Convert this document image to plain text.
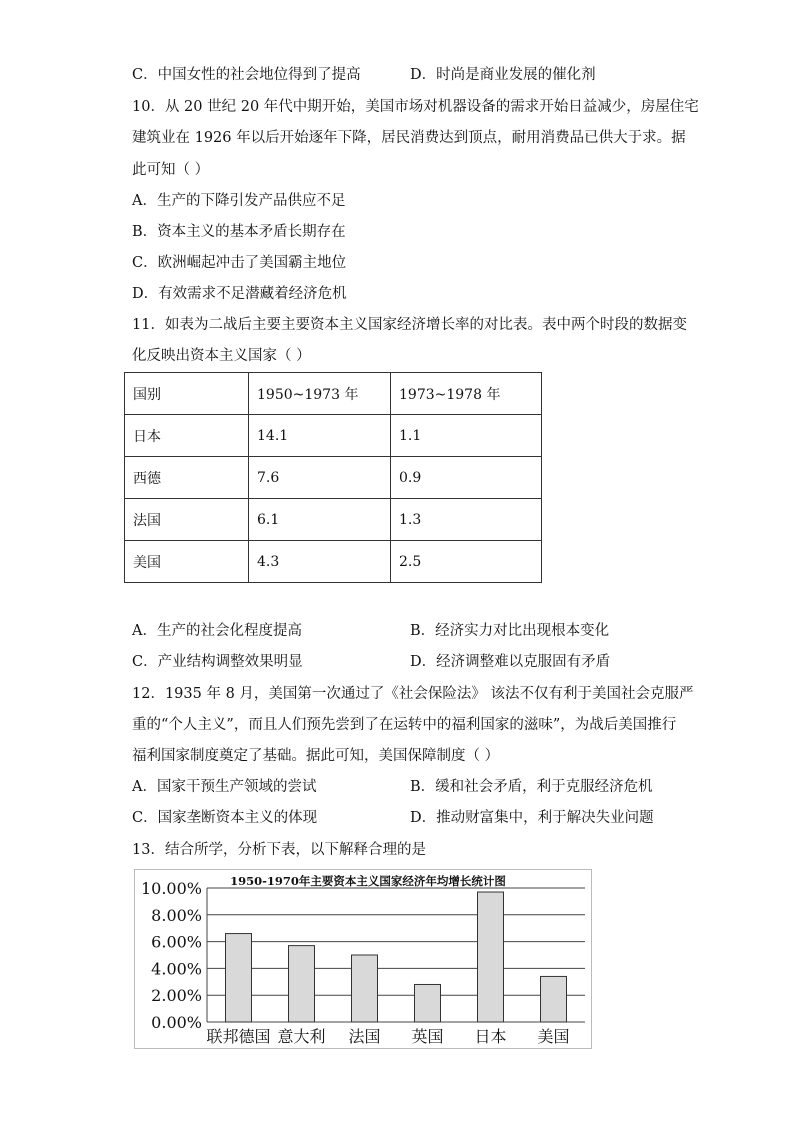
C．中国女性的社会地位得到了提高	D．时尚是商业发展的催化剂
10．从 20 世纪 20 年代中期开始，美国市场对机器设备的需求开始日益减少，房屋住宅
建筑业在 1926 年以后开始逐年下降，居民消费达到顶点，耐用消费品已供大于求。据
此可知（ ）
A．生产的下降引发产品供应不足
B．资本主义的基本矛盾长期存在
C．欧洲崛起冲击了美国霸主地位
D．有效需求不足潜藏着经济危机
11．如表为二战后主要主要资本主义国家经济增长率的对比表。表中两个时段的数据变
化反映出资本主义国家（ ）
国别	1950~1973 年	1973~1978 年
日本	14.1	1.1
西德	7.6	0.9
法国	6.1	1.3
美国	4.3	2.5
A．生产的社会化程度提高	B．经济实力对比出现根本变化
C．产业结构调整效果明显	D．经济调整难以克服固有矛盾
12．1935 年 8 月，美国第一次通过了《社会保险法》 该法不仅有利于美国社会克服严
重的“个人主义”，而且人们预先尝到了在运转中的福利国家的滋味”，为战后美国推行
福利国家制度奠定了基础。据此可知，美国保障制度（ ）
A．国家干预生产领域的尝试	B．缓和社会矛盾，利于克服经济危机
C．国家垄断资本主义的体现	D．推动财富集中，利于解决失业问题
13．结合所学，分析下表，以下解释合理的是
1950-1970年主要资本主义国家经济年均增长统计图
0.00%
2.00%
4.00%
6.00%
8.00%
10.00%
联邦德国 意大利 法国 英国 日本 美国
